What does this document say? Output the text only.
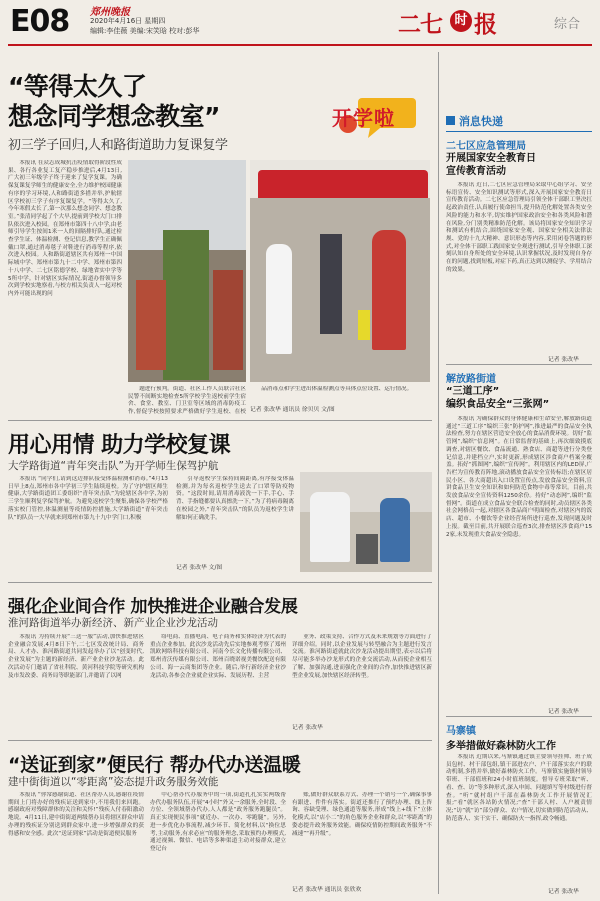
E08 郑州晚报
2020年4月16日 星期四
编辑:李佳薇 美编:宋笑晗 校对:彭华	二七 时 报	综合
“等得太久了
想念同学想念教室”
初三学子回归,人和路街道助力复课复学
开学啦

本报讯 在众志成城抗击疫情取得阶段性成果、各行各业复工复产稳步推进后,4月13日,广大初三年级学子终于迎来了复学复课。为确保复课复学师生的健康安全,全力维护校园健康有序的学习环境,人和路街道多措并举,护航辖区学校初三学子有序复课复学。“等得太久了,今年寒假太长了,第一次那么想念同学、想念教室。”张清同学起了个大早,提前到学校大门口排队依次进入校园。在郑州市第四十八中学,由老师引导学生按间1米一人的间隔排好队,通过检查学生证、体温检测、登记信息,教学生正确佩戴口罩,通过消毒毯子对鞋进行消毒等程序,依次进入校园。人和路街道辖区共有郑州一中国际城中学、郑州市第九十二中学、郑州市第四十八中学、二七区铭德学校、绿地省实中学等5所中学。针对辖区实际情况,街道办督领导多次到学校实地察看,与校方相关负责人一起对校内外可能出现的问

题进行预判。街道、社区工作人员联合社区民警不间断实地检查5所学校学生返校前学生宿舍、食堂、教室、门卫室等区域的消毒防疫工作,督促学校按照要求严格做好学生返校、在校

品消毒点和学生进出体温检测点等具体点位设置、运行情况。

记者 张改华 通讯员 徐贝贝 文/图
用心用情 助力学校复课
大学路街道“青年突击队”为开学师生保驾护航

本报讯 “同学们,请到这边排队接受体温检测和消毒。”4月13日早上8点,郑州市各中学初三学生陆续返校。为了守护辖区师生健康,大学路街道团工委组织“青年突击队”为轮辖区各中学,为初三学生顺利复学保驾护航。为避免返校学生聚集,确保各学校严格落实校门管控,体温测量等疫情防控措施,大学路街道“青年突击队”的队员一大早就来到郑州市第九十九中学门口,积极

引导返校学生保持间隔距离,有序接受体温检测,并为每名返校学生送去了口罩等防疫物资。“这段时间,请用消毒液洗一下手,手心、手背、手指缝都要认真擦洗一下。”为了将病毒隔离在校园之外,“青年突击队”的队员为返校学生讲解如何正确洗手。

记者 张改华 文/图
强化企业间合作 加快推进企业融合发展
淮河路街道举办新经济、新产业企业沙龙活动

本报讯 为持续开展“三送一服”活动,加快推进辖区企业融合发展,4月8日下午,二七区发改统计局、商务局、人才办、淮河路街道共同发起举办了以“创变时代,企业发展”为主题的新经济、新产业企业沙龙活动。此次活动专门邀请了省社科院、黄河科技学院等研究机构及市发改委、商务局等职能部门,并邀请了以网

络电商、直播电商、电子商务和实体经济为代表的重点企业参加。此次沙龙活动先后实地参观考察了郑州凯欧网络科技有限公司、河南今长文化传播有限公司、郑州青沃传媒有限公司、郑州百晓诺视美餐饮配送有限公司、海一云商集团等企业。随后,举行新经济企业沙龙活动,各参会企业就企业实际、发展历程、主营

业务、政策支持、合作方式及未来规划等方面进行了详细介绍。同时,以企业发展与转型融合为主题进行发言交流。淮河路街道就此次沙龙活动提出期望,表示以后将尽可能多举办沙龙形式的企业交流活动,从而使企业相互了解、加强沟通,进而强化企业间的合作,加快推进辖区新型企业发展,加快辖区经济转型。

记者 张改华
“送证到家”便民行 帮办代办送温暖
建中街街道以“零距离”姿态提升政务服务效能

本报讯 “你常感谢街道、社区帮办人员,感谢在疫情期间上门将办好的残疾证送到家中,不用我们来回跑。感谢政府对残障群体的关注和关怀!”残疾人付春阳激动地说。4月11日,建中街街道两级帮办员将辖区群众申请办理的残疾证分别送到群众家中,进一步增强群众的获得感和安全感。此次“送证到家”活动是街道便民服务

中心帮办代办服务中的一项,街道扎扎实实两级帮办代办服务队伍,开展“4小时”外又一余服务,全时段、全方位、全领域帮办代办,人人都是“政务服务跑腿员”。真正实现便民事项“就近办、一次办、零跑腿”。另外,进一步优化办事流程,减少环节、简化材料,以“换位思考,主动服务,有求必应”的服务理念,采取预约办理模式,通过视频、微信、电话等多种渠道主动对接群众,建立登记台

账,做好群众联系方式、办理一个销号一个,确保事事有跟进、件件有落实。街道还推行了预约办理、线上咨询、容缺受理、绿色通道等服务,形成“线上+线下”立体化模式,以“店小二”的角色服务企业和群众,以“零距离”的姿态提升政务服务效能。确保疫情防控期间政务服务“不减速”“再升级”。

记者 张改华 通讯员 张欣欢
消息快递
二七区应急管理局
开展国家安全教育日
宣传教育活动

本报讯 近日,二七区应急管理局采取中心组学习、安全标语宣传、安全知识测试等形式,深入开展国家安全教育日宣传教育活动。二七区应急管理局引领全体干部职工坚决扛起政治责任,认真履行使命担当,提升防范化解处置各类安全风险的能力和水平,切实维护国家政治安全和各类风险和潜在风险,分门别类精准防范化解。该局将国家安全知识学习和测试有机结合,围绕国家安全观、国家安全相关法律法规、党的十九大精神、意识形态等内容,采用闭卷答题的形式,对全体干部职工践国家安全观进行测试,引导全体职工深刻认知自身所处的安全环境,认识掌握状况,及时发现自身存在的问题,找到短板,对症下药,真正达到以测促学、学用结合的效果。

记者 张改华
解放路街道
“三道工序”
编织食品安全“三张网”

本报讯 为确保群众的身体健康和生命安全,解放路街道通过“三道工序”编织三张“防护网”,推进最严的食品安全执法检查,努力在辖区营造安全放心的食品消费环境。切好“监管网”,编织“信息网”。在日常监督的基础上,再次细致摸底调查,对辖区餐饮、食品流通、熟食店、商超等进行分类登记信息,并建档立户,实时更新,形成辖区涉食商户档案全覆盖。拓好“抓图网”,编织“宣传网”。利用辖区内的LED屏,广告栏为宣传教育阵地,滚动播放食品安全宣传标语;在辖区居民小区、各大商超出入口设置宣传点,发放食品安全资料,宣讲食品卫生安全知识和如何防范食物中毒等常识。目前,共发放食品安全宣传资料1250余份。持好“动态网”,编织“监督网”。街道在成立食品安全联合检查的同时,动员辖区各类社会网格员一起,对辖区各食品商户明面检查,对辖区内的饭店、超市、小餐饮等企业经营场所进行巡查,发现问题及时上报。截至目前,共开展联合巡查3次,排查辖区涉食商户152家,未发现重大食品安全隐患。

记者 张改华
马寨镇
多举措做好森林防火工作

本报讯 近期以来,马寨镇通过镇主要领导挂帅、班子成员包村、村干部包组,镇干部进农户、户干部落实农户的联动机制,多措并举,做好森林防火工作。马寨镇实施镇村领导带班、干部值班和24小时值班制度。督导专班采取“听、看、查、访”等多种形式,深入申间、问题填写等村级进行督查。“听”就村组户干部在森林防火工作开展情况汇报;“看”就区各站防火情况;“查”干部人村、人户履责情况;“访”就“访”部分群众、农户情况,切实做到防范活动从、防范落人、实干实干、确保防火一指挥,政令畅通。

记者 张改华
